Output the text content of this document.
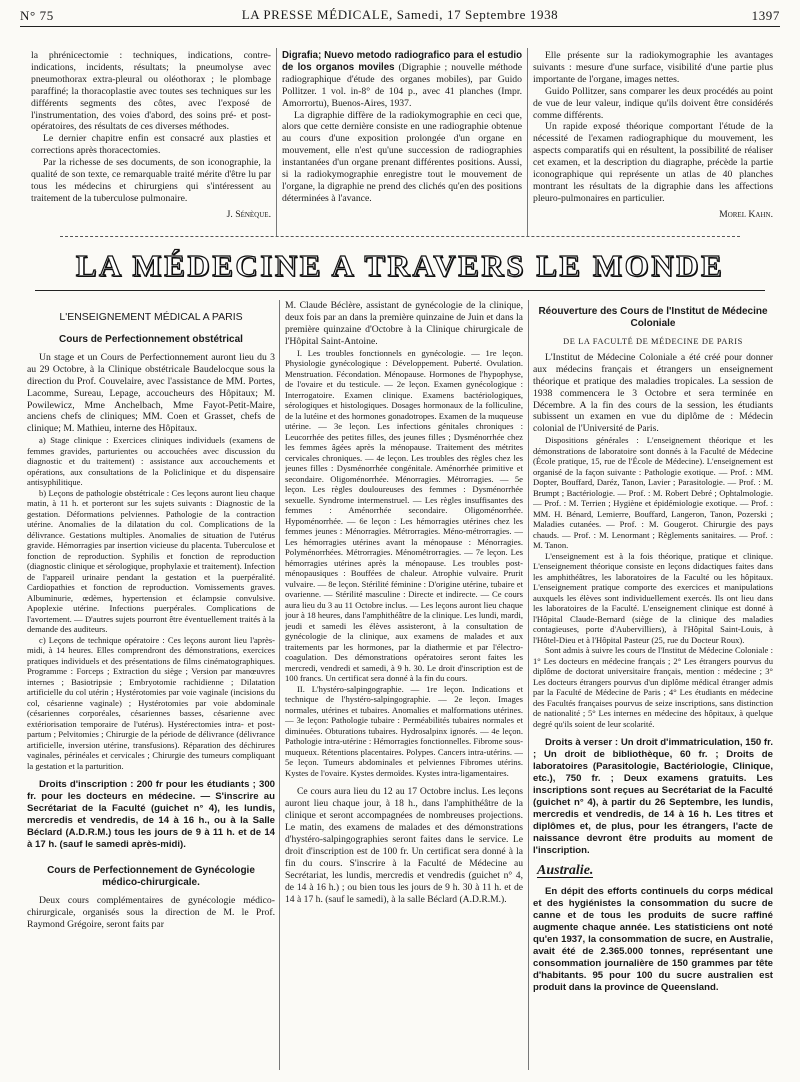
N° 75	LA PRESSE MÉDICALE, Samedi, 17 Septembre 1938	1397

la phrénicectomie : techniques, indications, contre-indications, incidents, résultats; la pneumolyse avec pneumothorax extra-pleural ou oléothorax ; le plombage paraffiné; la thoracoplastie avec toutes ses techniques sur les différents segments des côtes, avec l'exposé de l'instrumentation, des voies d'abord, des soins pré- et post-opératoires, des résultats de ces diverses méthodes.

Le dernier chapitre enfin est consacré aux plasties et corrections après thoracectomies.

Par la richesse de ses documents, de son iconographie, la qualité de son texte, ce remarquable traité mérite d'être lu par tous les médecins et chirurgiens qui s'intéressent au traitement de la tuberculose pulmonaire.

J. Sénèque.

Digrafia; Nuevo metodo radiografico para el estudio de los organos moviles (Digraphie ; nouvelle méthode radiographique d'étude des organes mobiles), par Guido Pollitzer. 1 vol. in-8° de 104 p., avec 41 planches (Impr. Amorrortu), Buenos-Aires, 1937.

La digraphie diffère de la radiokymographie en ceci que, alors que cette dernière consiste en une radiographie obtenue au cours d'une exposition prolongée d'un organe en mouvement, elle n'est qu'une succession de radiographies instantanées d'un organe prenant différentes positions. Aussi, si la radiokymographie enregistre tout le mouvement de l'organe, la digraphie ne prend des clichés qu'en des positions déterminées à l'avance.

Elle présente sur la radiokymographie les avantages suivants : mesure d'une surface, visibilité d'une partie plus importante de l'organe, images nettes.

Guido Pollitzer, sans comparer les deux procédés au point de vue de leur valeur, indique qu'ils doivent être considérés comme différents.

Un rapide exposé théorique comportant l'étude de la nécessité de l'examen radiographique du mouvement, les aspects comparatifs qui en résultent, la possibilité de réaliser cet examen, et la description du diagraphe, précède la partie iconographique qui représente un atlas de 40 planches montrant les résultats de la digraphie dans les affections pleuro-pulmonaires en particulier.

Morel Kahn.
LA MÉDECINE A TRAVERS LE MONDE
L'ENSEIGNEMENT MÉDICAL A PARIS
Cours de Perfectionnement obstétrical

Un stage et un Cours de Perfectionnement auront lieu du 3 au 29 Octobre, à la Clinique obstétricale Baudelocque sous la direction du Prof. Couvelaire, avec l'assistance de MM. Portes, Lacomme, Sureau, Lepage, accoucheurs des Hôpitaux; M. Powilewicz, Mme Anchelbach, Mme Fayot-Petit-Maire, anciens chefs de cliniques; MM. Coen et Grasset, chefs de clinique; M. Mathieu, interne des Hôpitaux.

a) Stage clinique : Exercices cliniques individuels (examens de femmes gravides, parturientes ou accouchées avec discussion du diagnostic et du traitement) : assistance aux accouchements et opérations, aux consultations de la Policlinique et du dispensaire antisyphilitique.

b) Leçons de pathologie obstétricale : Ces leçons auront lieu chaque matin, à 11 h. et porteront sur les sujets suivants : Diagnostic de la gestation. Déformations pelviennes. Pathologie de la contraction utérine. Anomalies de la dilatation du col. Complications de la délivrance. Gestations multiples. Anomalies de situation de l'utérus gravide. Hémorragies par insertion vicieuse du placenta. Tuberculose et fonction de reproduction. Syphilis et fonction de reproduction (diagnostic clinique et sérologique, prophylaxie et traitement). Infection de l'appareil urinaire pendant la gestation et la puerpéralité. Cardiopathies et fonction de reproduction. Vomissements graves. Albuminurie, œdèmes, hypertension et éclampsie convulsive. Apoplexie utérine. Infections puerpérales. Complications de l'avortement. — D'autres sujets pourront être éventuellement traités à la demande des auditeurs.

c) Leçons de technique opératoire : Ces leçons auront lieu l'après-midi, à 14 heures. Elles comprendront des démonstrations, exercices pratiques individuels et des présentations de films cinématographiques. Programme : Forceps ; Extraction du siège ; Version par manœuvres internes ; Basiotripsie ; Embryotomie rachidienne ; Dilatation artificielle du col utérin ; Hystérotomies par voie vaginale (incisions du col, césarienne vaginale) ; Hystérotomies par voie abdominale (césariennes corporéales, césariennes basses, césarienne avec extériorisation temporaire de l'utérus). Hystérectomies intra- et post-partum ; Pelvitomies ; Chirurgie de la période de délivrance (délivrance artificielle, inversion utérine, transfusions). Réparation des déchirures vaginales, périnéales et cervicales ; Chirurgie des tumeurs compliquant la gestation et la parturition.

Droits d'inscription : 200 fr pour les étudiants ; 300 fr. pour les docteurs en médecine. — S'inscrire au Secrétariat de la Faculté (guichet n° 4), les lundis, mercredis et vendredis, de 14 à 16 h., ou à la Salle Béclard (A.D.R.M.) tous les jours de 9 à 11 h. et de 14 à 17 h. (sauf le samedi après-midi).

Cours de Perfectionnement de Gynécologie médico-chirurgicale.

Deux cours complémentaires de gynécologie médico-chirurgicale, organisés sous la direction de M. le Prof. Raymond Grégoire, seront faits par

M. Claude Béclère, assistant de gynécologie de la clinique, deux fois par an dans la première quinzaine de Juin et dans la première quinzaine d'Octobre à la Clinique chirurgicale de l'Hôpital Saint-Antoine.

I. Les troubles fonctionnels en gynécologie. — 1re leçon. Physiologie gynécologique : Développement. Puberté. Ovulation. Menstruation. Fécondation. Ménopause. Hormones de l'hypophyse, de l'ovaire et du testicule. — 2e leçon. Examen gynécologique : Interrogatoire. Examen clinique. Examens bactériologiques, sérologiques et histologiques. Dosages hormonaux de la folliculine, de la lutéine et des hormones gonadotropes. Examen de la muqueuse utérine. — 3e leçon. Les infections génitales chroniques : Leucorrhée des petites filles, des jeunes filles ; Dysménorrhée chez les femmes âgées après la ménopause. Traitement des métrites cervicales chroniques. — 4e leçon. Les troubles des règles chez les jeunes filles : Dysménorrhée congénitale. Aménorrhée primitive et secondaire. Oligoménorrhée. Ménorragies. Métrorragies. — 5e leçon. Les règles douloureuses des femmes : Dysménorrhée sexuelle. Syndrome intermenstruel. — Les règles insuffisantes des femmes : Aménorrhée secondaire. Oligoménorrhée. Hypoménorrhée. — 6e leçon : Les hémorragies utérines chez les femmes jeunes : Ménorragies. Métrorragies. Méno-métrorragies. — Les hémorragies utérines avant la ménopause : Ménorragies. Polyménorrhées. Métrorragies. Ménométrorragies. — 7e leçon. Les hémorragies utérines après la ménopause. Les troubles post-ménopausiques : Bouffées de chaleur. Atrophie vulvaire. Prurit vulvaire. — 8e leçon. Stérilité féminine : D'origine utérine, tubaire et ovarienne. — Stérilité masculine : Directe et indirecte. — Ce cours aura lieu du 3 au 11 Octobre inclus. — Les leçons auront lieu chaque jour à 18 heures, dans l'amphithéâtre de la clinique. Les lundi, mardi, jeudi et samedi les élèves assisteront, à la consultation de gynécologie de la clinique, aux examens de malades et aux traitements par les hormones, par la diathermie et par l'électro-coagulation. Des démonstrations opératoires seront faites les mercredi, vendredi et samedi, à 9 h. 30. Le droit d'inscription est de 100 francs. Un certificat sera donné à la fin du cours.

II. L'hystéro-salpingographie. — 1re leçon. Indications et technique de l'hystéro-salpingographie. — 2e leçon. Images normales, utérines et tubaires. Anomalies et malformations utérines. — 3e leçon: Pathologie tubaire : Perméabilités tubaires normales et diminuées. Obturations tubaires. Hydrosalpinx ignorés. — 4e leçon. Pathologie intra-utérine : Hémorragies fonctionnelles. Fibrome sous-muqueux. Rétentions placentaires. Polypes. Cancers intra-utérins. — 5e leçon. Tumeurs abdominales et pelviennes Fibromes utérins. Kystes de l'ovaire. Kystes dermoïdes. Kystes intra-ligamentaires.

Ce cours aura lieu du 12 au 17 Octobre inclus. Les leçons auront lieu chaque jour, à 18 h., dans l'amphithéâtre de la clinique et seront accompagnées de nombreuses projections. Le matin, des examens de malades et des démonstrations d'hystéro-salpingographies seront faites dans le service. Le droit d'inscription est de 100 fr. Un certificat sera donné à la fin du cours. S'inscrire à la Faculté de Médecine au Secrétariat, les lundis, mercredis et vendredis (guichet n° 4, de 14 à 16 h.) ; ou bien tous les jours de 9 h. 30 à 11 h. et de 14 à 17 h. (sauf le samedi), à la salle Béclard (A.D.R.M.).

Réouverture des Cours de l'Institut de Médecine Coloniale
DE LA FACULTÉ DE MÉDECINE DE PARIS

L'Institut de Médecine Coloniale a été créé pour donner aux médecins français et étrangers un enseignement théorique et pratique des maladies tropicales. La session de 1938 commencera le 3 Octobre et sera terminée en Décembre. A la fin des cours de la session, les étudiants subissent un examen en vue du diplôme de : Médecin colonial de l'Université de Paris.

Dispositions générales : L'enseignement théorique et les démonstrations de laboratoire sont donnés à la Faculté de Médecine (École pratique, 15, rue de l'École de Médecine). L'enseignement est organisé de la façon suivante : Pathologie exotique. — Prof. : MM. Dopter, Bouffard, Daréz, Tanon, Lavier ; Parasitologie. — Prof. : M. Brumpt ; Bactériologie. — Prof. : M. Robert Debré ; Ophtalmologie. — Prof. : M. Terrien ; Hygiène et épidémiologie exotique. — Prof. : MM. H. Bénard, Lemierre, Bouffard, Langeron, Tanon, Pozerski ; Maladies cutanées. — Prof. : M. Gougerot. Chirurgie des pays chauds. — Prof. : M. Lenormant ; Règlements sanitaires. — Prof. : M. Tanon.

L'enseignement est à la fois théorique, pratique et clinique. L'enseignement théorique consiste en leçons didactiques faites dans les amphithéâtres, les laboratoires de la Faculté ou les hôpitaux. L'enseignement pratique comporte des exercices et manipulations auxquels les élèves sont individuellement exercés. Ils ont lieu dans les laboratoires de la Faculté. L'enseignement clinique est donné à l'Hôpital Claude-Bernard (siège de la clinique des maladies contagieuses, porte d'Aubervilliers), à l'Hôpital Saint-Louis, à l'Hôtel-Dieu et à l'Hôpital Pasteur (25, rue du Docteur Roux).

Sont admis à suivre les cours de l'Institut de Médecine Coloniale : 1° Les docteurs en médecine français ; 2° Les étrangers pourvus du diplôme de doctorat universitaire français, mention : médecine ; 3° Les docteurs étrangers pourvus d'un diplôme médical étranger admis par la Faculté de Médecine de Paris ; 4° Les étudiants en médecine des Facultés françaises pourvus de seize inscriptions, sans distinction de nationalité ; 5° Les internes en médecine des hôpitaux, à quelque degré qu'ils soient de leur scolarité.

Droits à verser : Un droit d'immatriculation, 150 fr. ; Un droit de bibliothèque, 60 fr. ; Droits de laboratoires (Parasitologie, Bactériologie, Clinique, etc.), 750 fr. ; Deux examens gratuits. Les inscriptions sont reçues au Secrétariat de la Faculté (guichet n° 4), à partir du 26 Septembre, les lundis, mercredis et vendredis, de 14 à 16 h. Les titres et diplômes et, de plus, pour les étrangers, l'acte de naissance devront être produits au moment de l'inscription.

Australie.

En dépit des efforts continuels du corps médical et des hygiénistes la consommation du sucre de canne et de tous les produits de sucre raffiné augmente chaque année. Les statisticiens ont noté qu'en 1937, la consommation de sucre, en Australie, avait été de 2.365.000 tonnes, représentant une consommation journalière de 150 grammes par tête d'habitants. 95 pour 100 du sucre australien est produit dans la province de Queensland.
